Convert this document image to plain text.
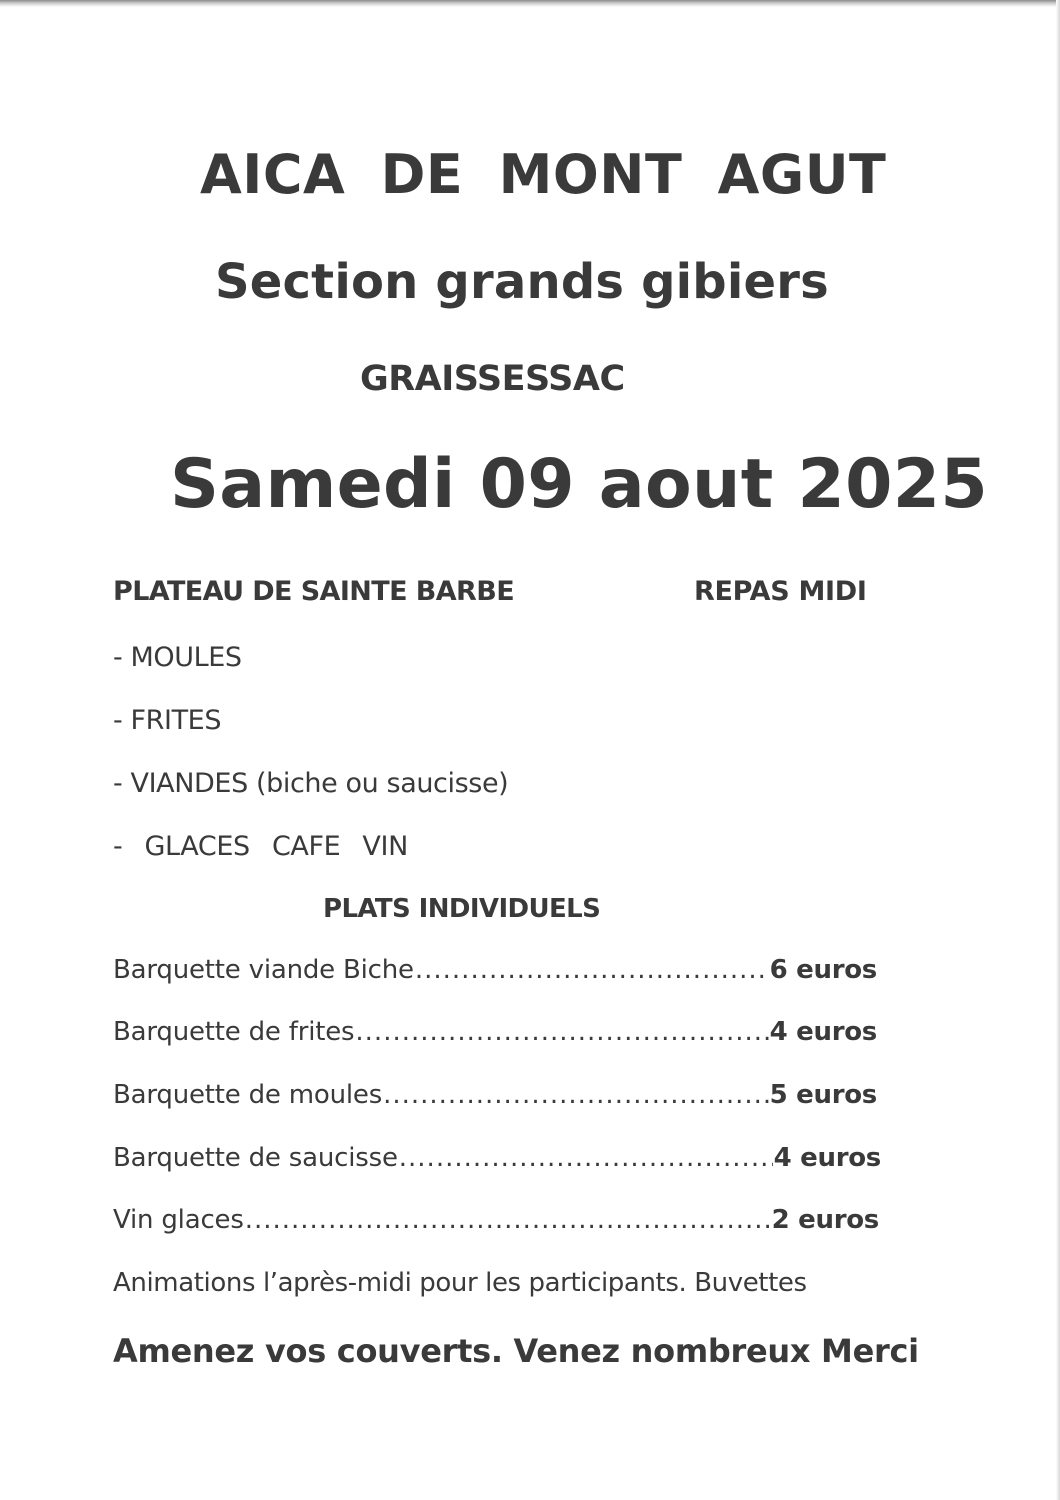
AICA DE MONT AGUT
Section grands gibiers
GRAISSESSAC
Samedi 09 aout 2025
PLATEAU DE SAINTE BARBE	REPAS MIDI
- MOULES
- FRITES
- VIANDES (biche ou saucisse)
- GLACES CAFE VIN
PLATS INDIVIDUELS
Barquette viande Biche .....	6 euros
Barquette de frites .....	4 euros
Barquette de moules .....	5 euros
Barquette de saucisse .....	4 euros
Vin glaces .....	2 euros
Animations l’après-midi pour les participants. Buvettes
Amenez vos couverts. Venez nombreux Merci
